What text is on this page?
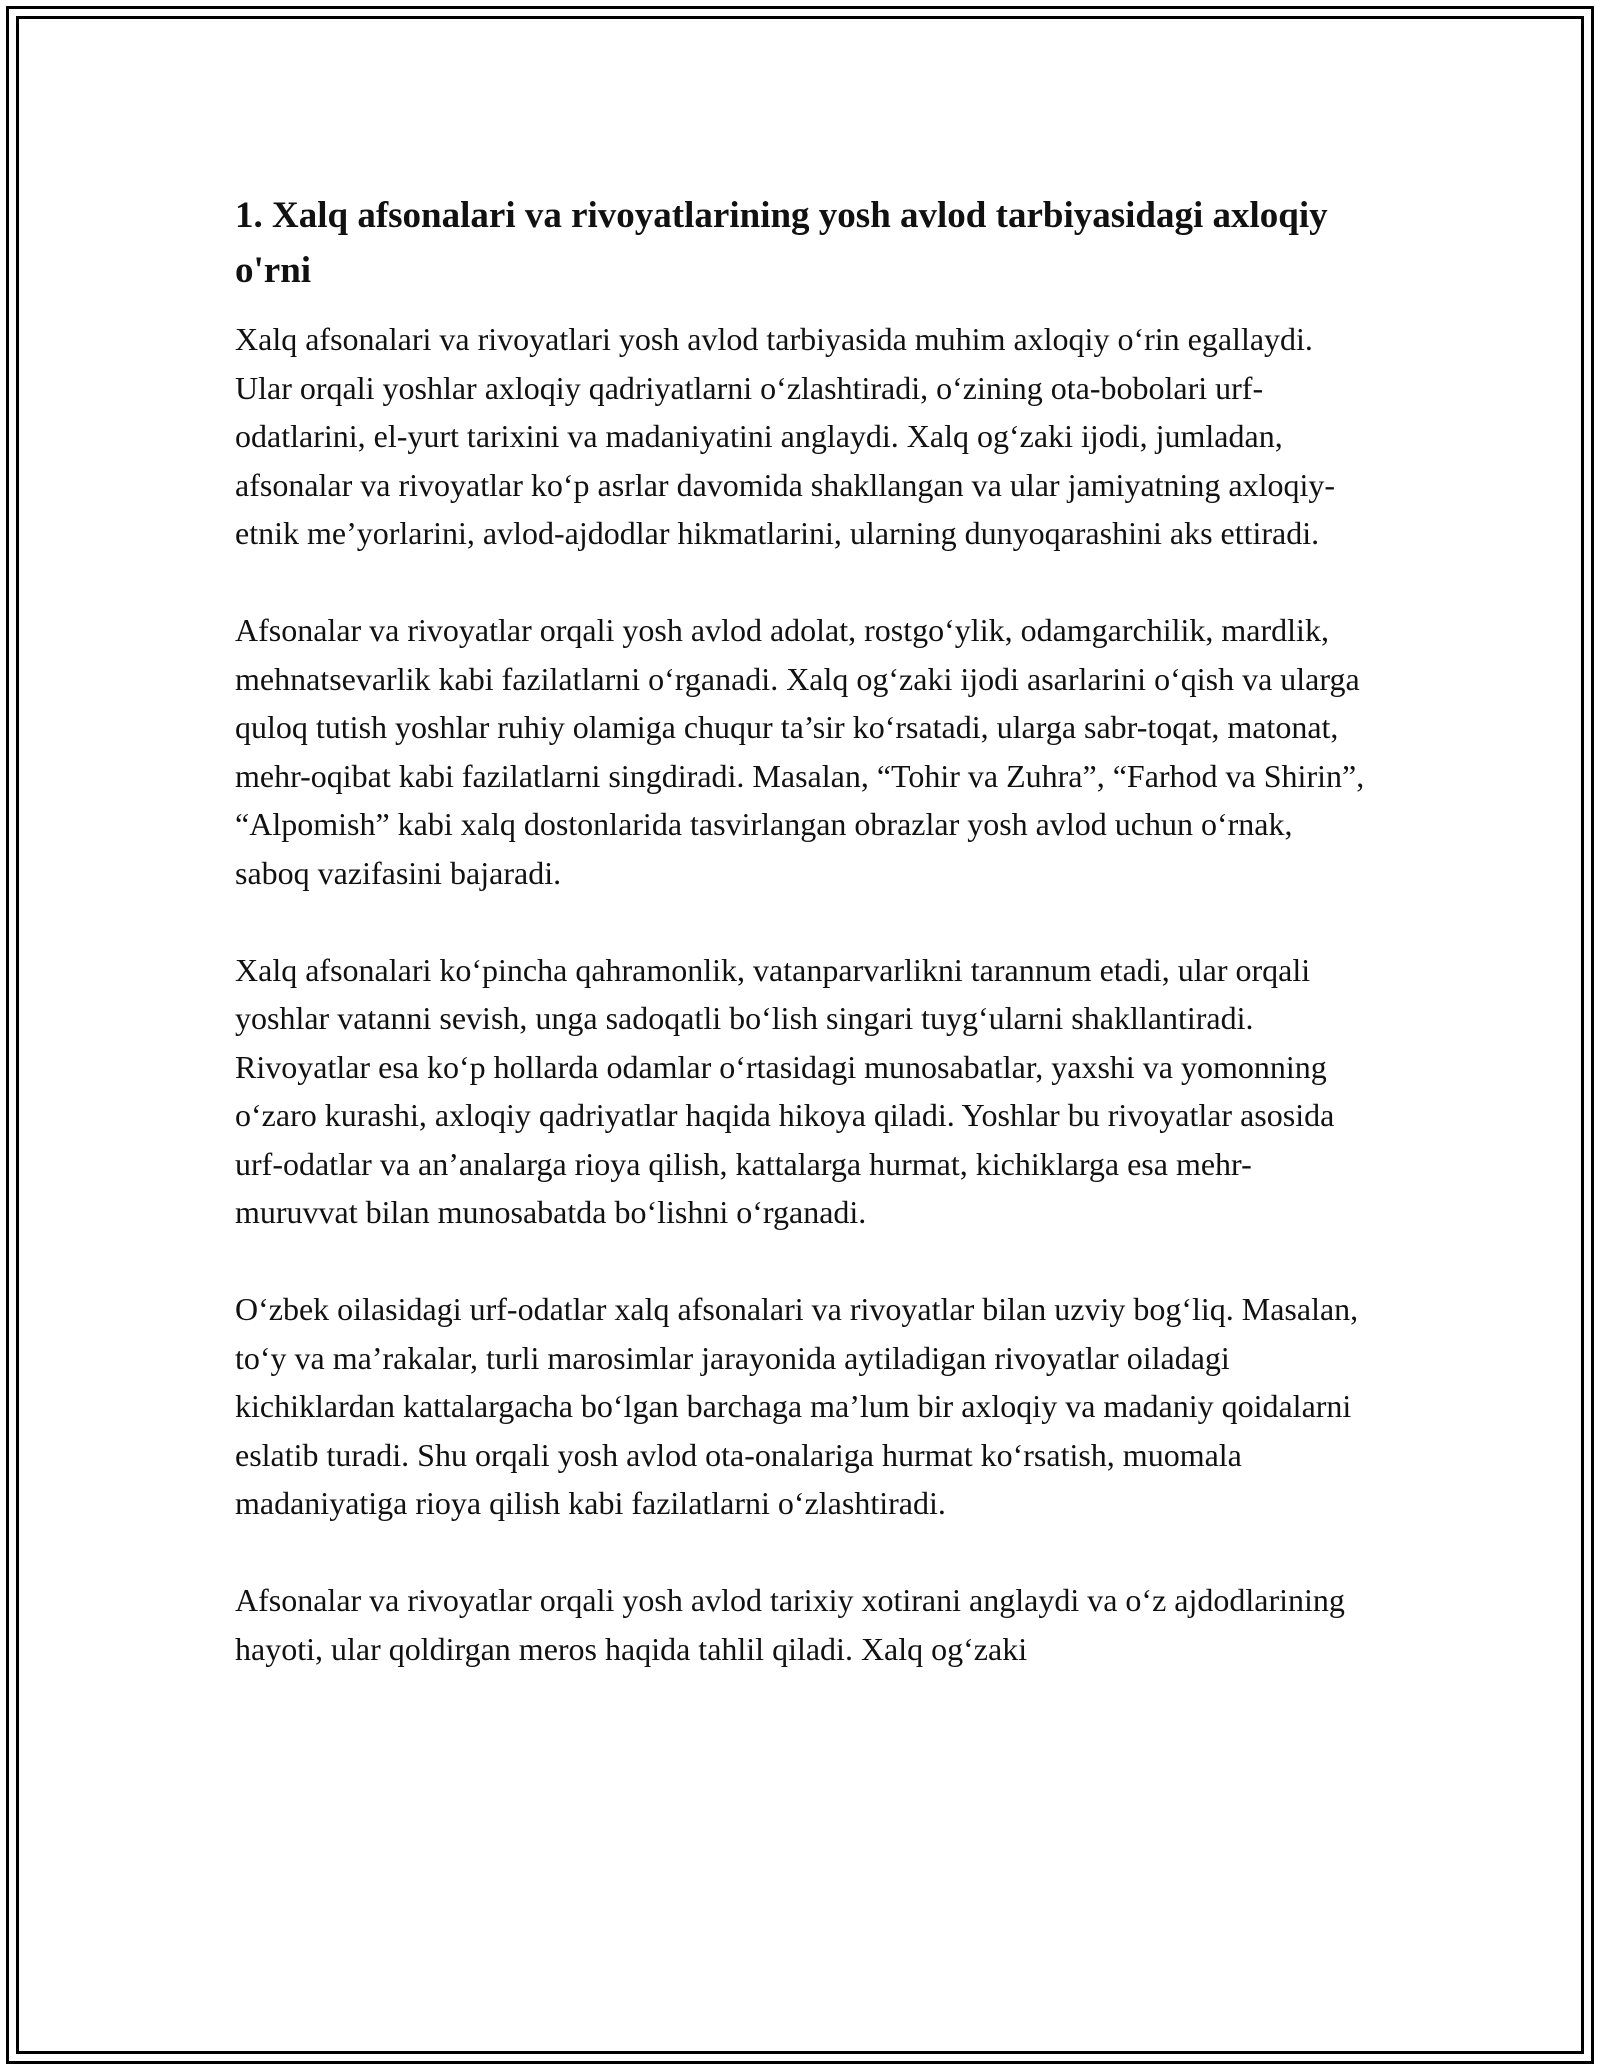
1. Xalq afsonalari va rivoyatlarining yosh avlod tarbiyasidagi axloqiy o'rni

Xalq afsonalari va rivoyatlari yosh avlod tarbiyasida muhim axloqiy o‘rin egallaydi. Ular orqali yoshlar axloqiy qadriyatlarni o‘zlashtiradi, o‘zining ota-bobolari urf-odatlarini, el-yurt tarixini va madaniyatini anglaydi. Xalq og‘zaki ijodi, jumladan, afsonalar va rivoyatlar ko‘p asrlar davomida shakllangan va ular jamiyatning axloqiy-etnik me’yorlarini, avlod-ajdodlar hikmatlarini, ularning dunyoqarashini aks ettiradi.

Afsonalar va rivoyatlar orqali yosh avlod adolat, rostgo‘ylik, odamgarchilik, mardlik, mehnatsevarlik kabi fazilatlarni o‘rganadi. Xalq og‘zaki ijodi asarlarini o‘qish va ularga quloq tutish yoshlar ruhiy olamiga chuqur ta’sir ko‘rsatadi, ularga sabr-toqat, matonat, mehr-oqibat kabi fazilatlarni singdiradi. Masalan, “Tohir va Zuhra”, “Farhod va Shirin”, “Alpomish” kabi xalq dostonlarida tasvirlangan obrazlar yosh avlod uchun o‘rnak, saboq vazifasini bajaradi.

Xalq afsonalari ko‘pincha qahramonlik, vatanparvarlikni tarannum etadi, ular orqali yoshlar vatanni sevish, unga sadoqatli bo‘lish singari tuyg‘ularni shakllantiradi. Rivoyatlar esa ko‘p hollarda odamlar o‘rtasidagi munosabatlar, yaxshi va yomonning o‘zaro kurashi, axloqiy qadriyatlar haqida hikoya qiladi. Yoshlar bu rivoyatlar asosida urf-odatlar va an’analarga rioya qilish, kattalarga hurmat, kichiklarga esa mehr-muruvvat bilan munosabatda bo‘lishni o‘rganadi.

O‘zbek oilasidagi urf-odatlar xalq afsonalari va rivoyatlar bilan uzviy bog‘liq. Masalan, to‘y va ma’rakalar, turli marosimlar jarayonida aytiladigan rivoyatlar oiladagi kichiklardan kattalargacha bo‘lgan barchaga ma’lum bir axloqiy va madaniy qoidalarni eslatib turadi. Shu orqali yosh avlod ota-onalariga hurmat ko‘rsatish, muomala madaniyatiga rioya qilish kabi fazilatlarni o‘zlashtiradi.

Afsonalar va rivoyatlar orqali yosh avlod tarixiy xotirani anglaydi va o‘z ajdodlarining hayoti, ular qoldirgan meros haqida tahlil qiladi. Xalq og‘zaki
